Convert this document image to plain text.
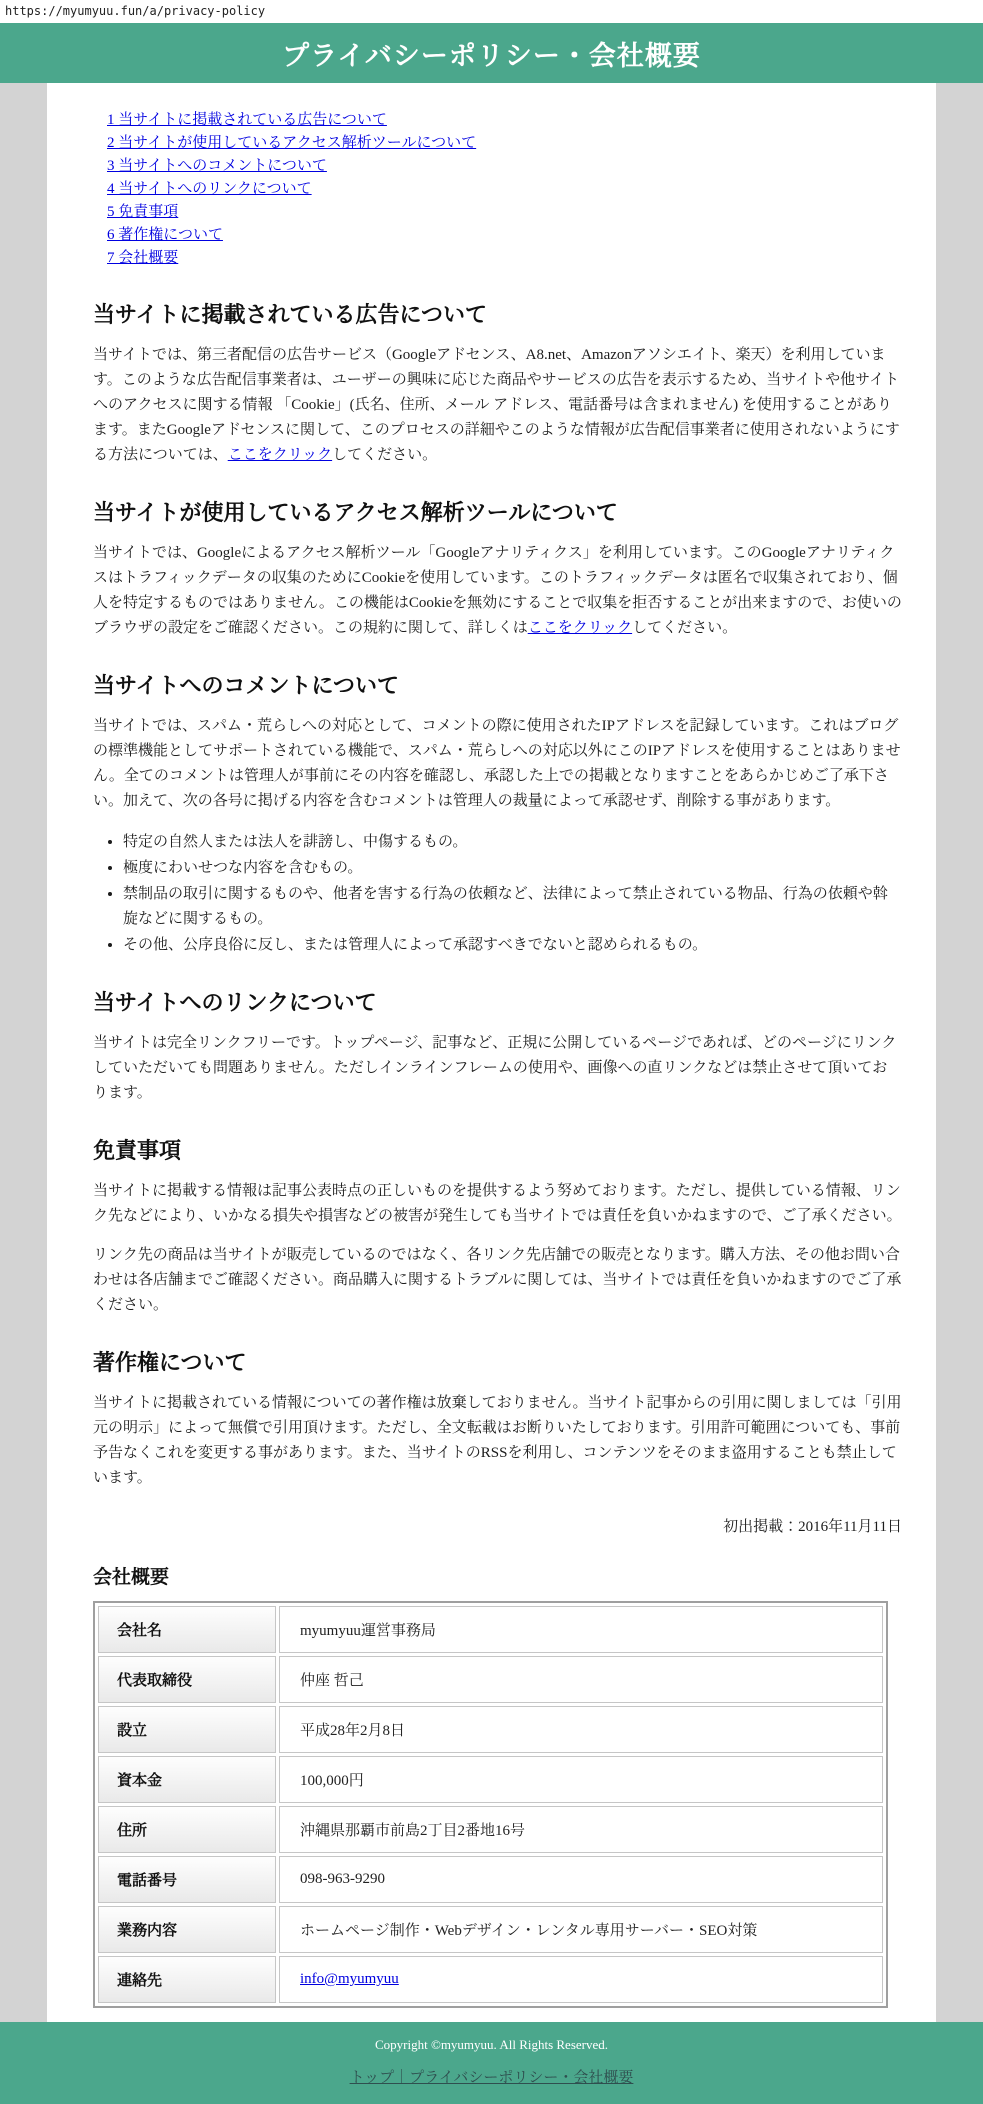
https://myumyuu.fun/a/privacy-policy
プライバシーポリシー・会社概要
1 当サイトに掲載されている広告について
2 当サイトが使用しているアクセス解析ツールについて
3 当サイトへのコメントについて
4 当サイトへのリンクについて
5 免責事項
6 著作権について
7 会社概要
当サイトに掲載されている広告について

当サイトでは、第三者配信の広告サービス（Googleアドセンス、A8.net、Amazonアソシエイト、楽天）を利用しています。このような広告配信事業者は、ユーザーの興味に応じた商品やサービスの広告を表示するため、当サイトや他サイトへのアクセスに関する情報 「Cookie」(氏名、住所、メール アドレス、電話番号は含まれません) を使用することがあります。またGoogleアドセンスに関して、このプロセスの詳細やこのような情報が広告配信事業者に使用されないようにする方法については、ここをクリックしてください。

当サイトが使用しているアクセス解析ツールについて

当サイトでは、Googleによるアクセス解析ツール「Googleアナリティクス」を利用しています。このGoogleアナリティクスはトラフィックデータの収集のためにCookieを使用しています。このトラフィックデータは匿名で収集されており、個人を特定するものではありません。この機能はCookieを無効にすることで収集を拒否することが出来ますので、お使いのブラウザの設定をご確認ください。この規約に関して、詳しくはここをクリックしてください。

当サイトへのコメントについて

当サイトでは、スパム・荒らしへの対応として、コメントの際に使用されたIPアドレスを記録しています。これはブログの標準機能としてサポートされている機能で、スパム・荒らしへの対応以外にこのIPアドレスを使用することはありません。全てのコメントは管理人が事前にその内容を確認し、承認した上での掲載となりますことをあらかじめご了承下さい。加えて、次の各号に掲げる内容を含むコメントは管理人の裁量によって承認せず、削除する事があります。

• 特定の自然人または法人を誹謗し、中傷するもの。
• 極度にわいせつな内容を含むもの。
• 禁制品の取引に関するものや、他者を害する行為の依頼など、法律によって禁止されている物品、行為の依頼や斡旋などに関するもの。
• その他、公序良俗に反し、または管理人によって承認すべきでないと認められるもの。
当サイトへのリンクについて

当サイトは完全リンクフリーです。トップページ、記事など、正規に公開しているページであれば、どのページにリンクしていただいても問題ありません。ただしインラインフレームの使用や、画像への直リンクなどは禁止させて頂いております。

免責事項

当サイトに掲載する情報は記事公表時点の正しいものを提供するよう努めております。ただし、提供している情報、リンク先などにより、いかなる損失や損害などの被害が発生しても当サイトでは責任を負いかねますので、ご了承ください。

リンク先の商品は当サイトが販売しているのではなく、各リンク先店舗での販売となります。購入方法、その他お問い合わせは各店舗までご確認ください。商品購入に関するトラブルに関しては、当サイトでは責任を負いかねますのでご了承ください。

著作権について

当サイトに掲載されている情報についての著作権は放棄しておりません。当サイト記事からの引用に関しましては「引用元の明示」によって無償で引用頂けます。ただし、全文転載はお断りいたしております。引用許可範囲についても、事前予告なくこれを変更する事があります。また、当サイトのRSSを利用し、コンテンツをそのまま盗用することも禁止しています。

初出掲載：2016年11月11日
会社概要
会社名	myumyuu運営事務局
代表取締役	仲座 哲己
設立	平成28年2月8日
資本金	100,000円
住所	沖縄県那覇市前島2丁目2番地16号
電話番号	098-963-9290
業務内容	ホームページ制作・Webデザイン・レンタル専用サーバー・SEO対策
連絡先	info@myumyuu
Copyright ©myumyuu. All Rights Reserved.
トップ｜プライバシーポリシー・会社概要
